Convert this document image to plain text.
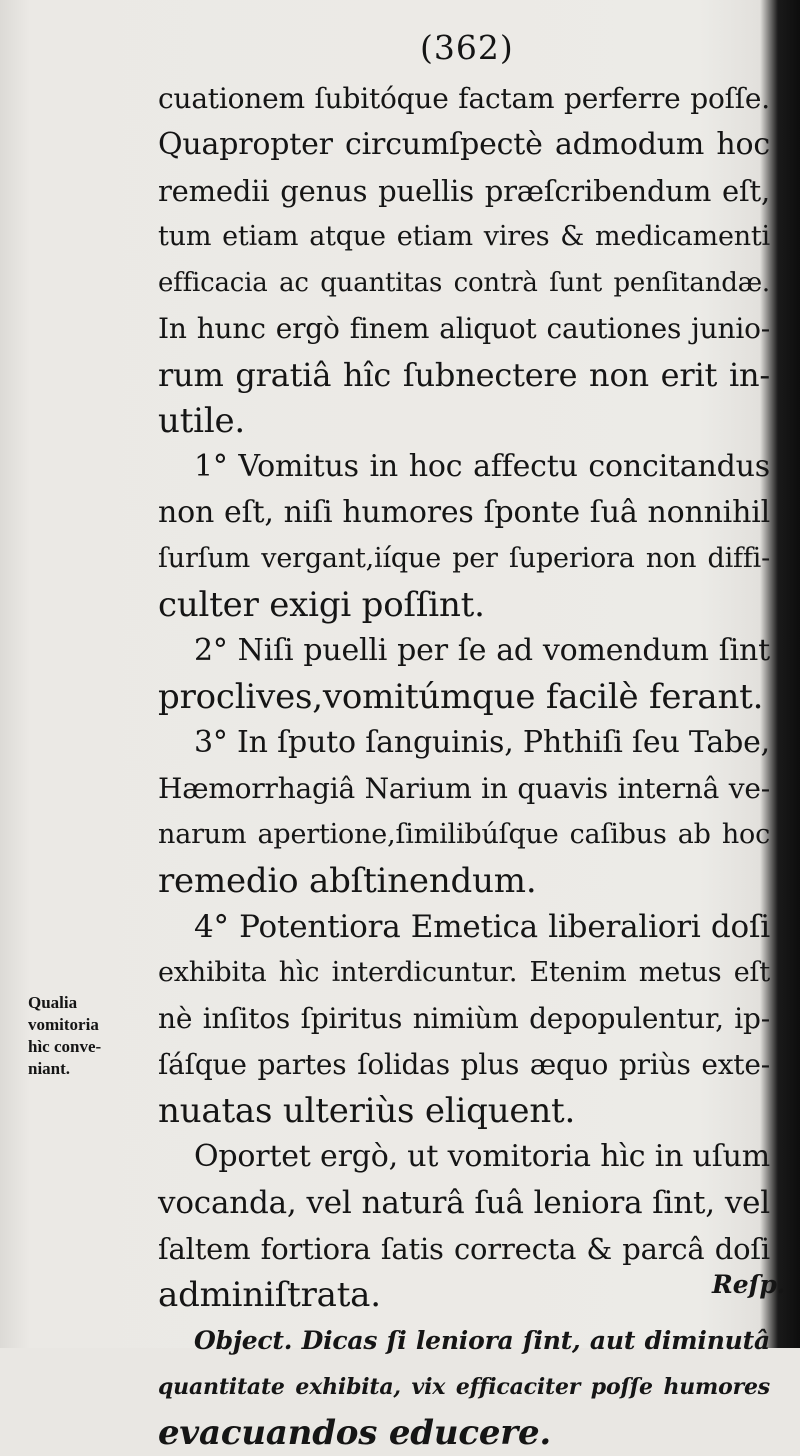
(362)
cuationem ſubitóque factam perferre poſſe.
Quapropter circumſpectè admodum hoc
remedii genus puellis præſcribendum eſt,
tum etiam atque etiam vires & medicamenti
efficacia ac quantitas contrà ſunt penſitandæ.
In hunc ergò finem aliquot cautiones junio-
rum gratiâ hîc ſubnectere non erit in-
utile.
1° Vomitus in hoc affectu concitandus
non eſt, niſi humores ſponte ſuâ nonnihil
ſurſum vergant,iíque per ſuperiora non diffi-
culter exigi poſſint.
2° Niſi puelli per ſe ad vomendum ſint
proclives,vomitúmque facilè ferant.
3° In ſputo ſanguinis, Phthiſi ſeu Tabe,
Hæmorrhagiâ Narium in quavis internâ ve-
narum apertione,ſimilibúſque caſibus ab hoc
remedio abſtinendum.
4° Potentiora Emetica liberaliori doſi
exhibita hìc interdicuntur. Etenim metus eſt
nè inſitos ſpiritus nimiùm depopulentur, ip-
ſáſque partes ſolidas plus æquo priùs exte-
nuatas ulteriùs eliquent.
Oportet ergò, ut vomitoria hìc in uſum
vocanda, vel naturâ ſuâ leniora ſint, vel
ſaltem fortiora ſatis correcta & parcâ doſi
adminiſtrata.
Object. Dicas ſi leniora ſint, aut diminutâ
quantitate exhibita, vix efficaciter poſſe humores
evacuandos educere.
Qualia
vomitoria
hìc conve-
niant.
Reſp.
